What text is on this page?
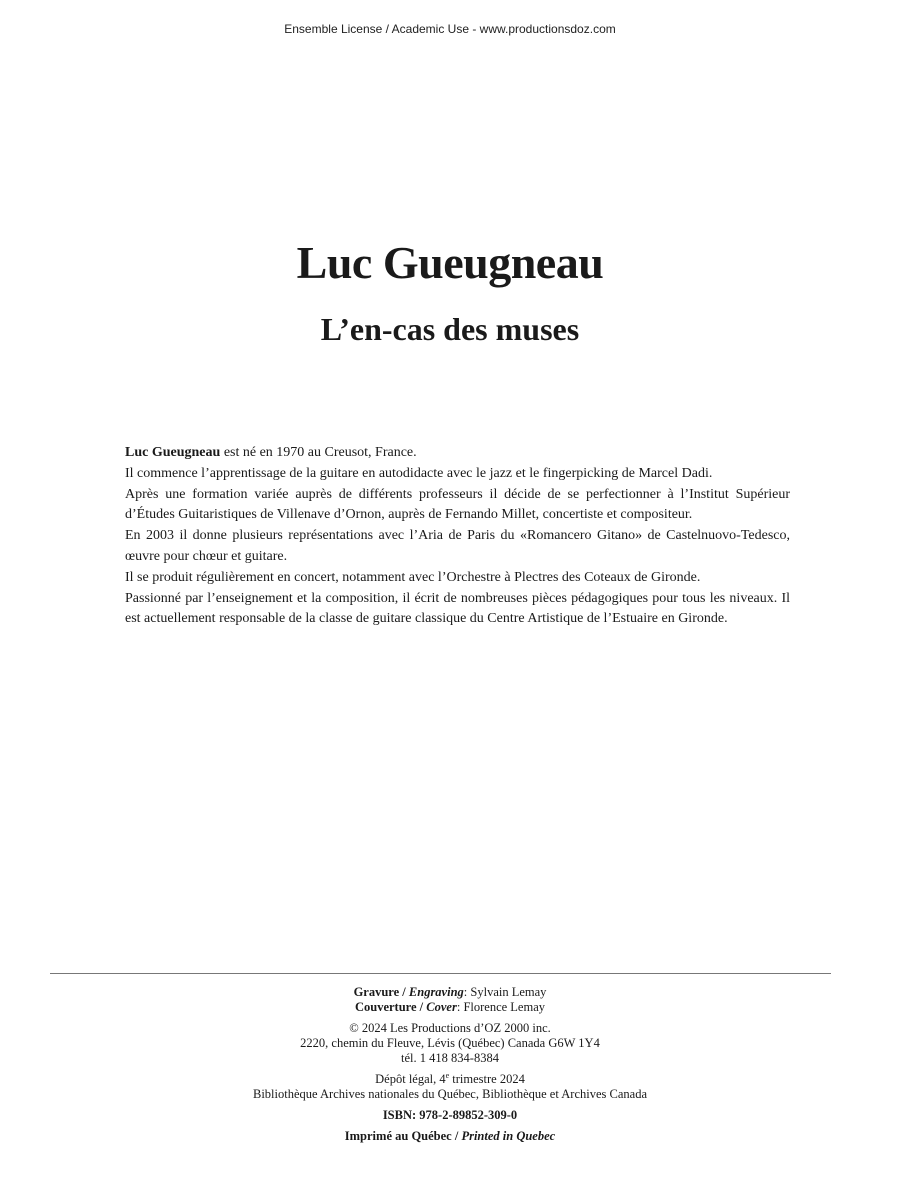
Ensemble License / Academic Use - www.productionsdoz.com
Luc Gueugneau
L’en-cas des muses

Luc Gueugneau est né en 1970 au Creusot, France.

Il commence l’apprentissage de la guitare en autodidacte avec le jazz et le fingerpicking de Marcel Dadi.

Après une formation variée auprès de différents professeurs il décide de se perfectionner à l’Institut Supérieur d’Études Guitaristiques de Villenave d’Ornon, auprès de Fernando Millet, concertiste et compositeur.

En 2003 il donne plusieurs représentations avec l’Aria de Paris du «Romancero Gitano» de Castelnuovo-Tedesco, œuvre pour chœur et guitare.

Il se produit régulièrement en concert, notamment avec l’Orchestre à Plectres des Coteaux de Gironde.

Passionné par l’enseignement et la composition, il écrit de nombreuses pièces pédagogiques pour tous les niveaux. Il est actuellement responsable de la classe de guitare classique du Centre Artistique de l’Estuaire en Gironde.

Gravure / Engraving: Sylvain Lemay
Couverture / Cover: Florence Lemay
© 2024 Les Productions d’OZ 2000 inc.
2220, chemin du Fleuve, Lévis (Québec) Canada G6W 1Y4
tél. 1 418 834-8384
Dépôt légal, 4e trimestre 2024
Bibliothèque Archives nationales du Québec, Bibliothèque et Archives Canada
ISBN: 978-2-89852-309-0
Imprimé au Québec / Printed in Quebec
